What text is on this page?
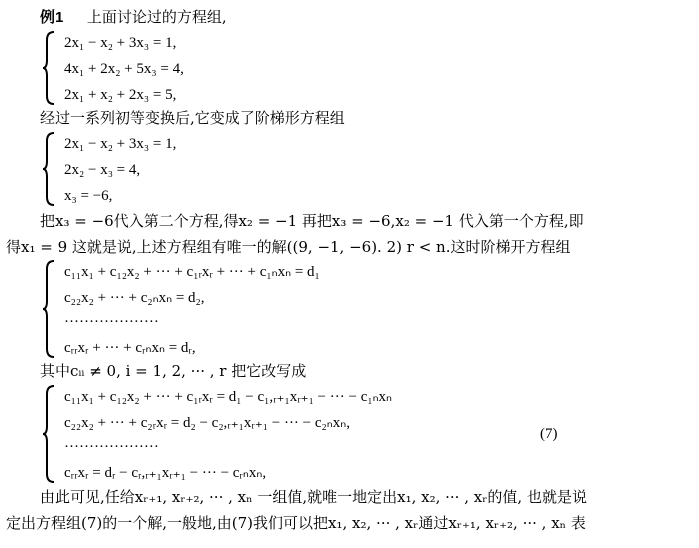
例1 上面讨论过的方程组,
2x₁ − x₂ + 3x₃ = 1,
4x₁ + 2x₂ + 5x₃ = 4,
2x₁ + x₂ + 2x₃ = 5,
经过一系列初等变换后,它变成了阶梯形方程组
2x₁ − x₂ + 3x₃ = 1,
2x₂ − x₃ = 4,
x₃ = −6,
把x₃ = −6代入第二个方程,得x₂ = −1 再把x₃ = −6,x₂ = −1 代入第一个方程,即
得x₁ = 9 这就是说,上述方程组有唯一的解((9, −1, −6). 2) r < n.这时阶梯开方程组
c₁₁x₁ + c₁₂x₂ + ··· + c₁ᵣxᵣ + ··· + c₁ₙxₙ = d₁
c₂₂x₂ + ··· + c₂ₙxₙ = d₂,
···················
cᵣᵣxᵣ + ··· + cᵣₙxₙ = dᵣ,
其中cᵢᵢ ≠ 0, i = 1, 2, ··· , r 把它改写成
c₁₁x₁ + c₁₂x₂ + ··· + c₁ᵣxᵣ = d₁ − c₁,ᵣ₊₁xᵣ₊₁ − ··· − c₁ₙxₙ
c₂₂x₂ + ··· + c₂ᵣxᵣ = d₂ − c₂,ᵣ₊₁xᵣ₊₁ − ··· − c₂ₙxₙ,
···················
cᵣᵣxᵣ = dᵣ − cᵣ,ᵣ₊₁xᵣ₊₁ − ··· − cᵣₙxₙ,
(7)
由此可见,任给xᵣ₊₁, xᵣ₊₂, ··· , xₙ 一组值,就唯一地定出x₁, x₂, ··· , xᵣ的值, 也就是说
定出方程组(7)的一个解,一般地,由(7)我们可以把x₁, x₂, ··· , xᵣ通过xᵣ₊₁, xᵣ₊₂, ··· , xₙ 表
